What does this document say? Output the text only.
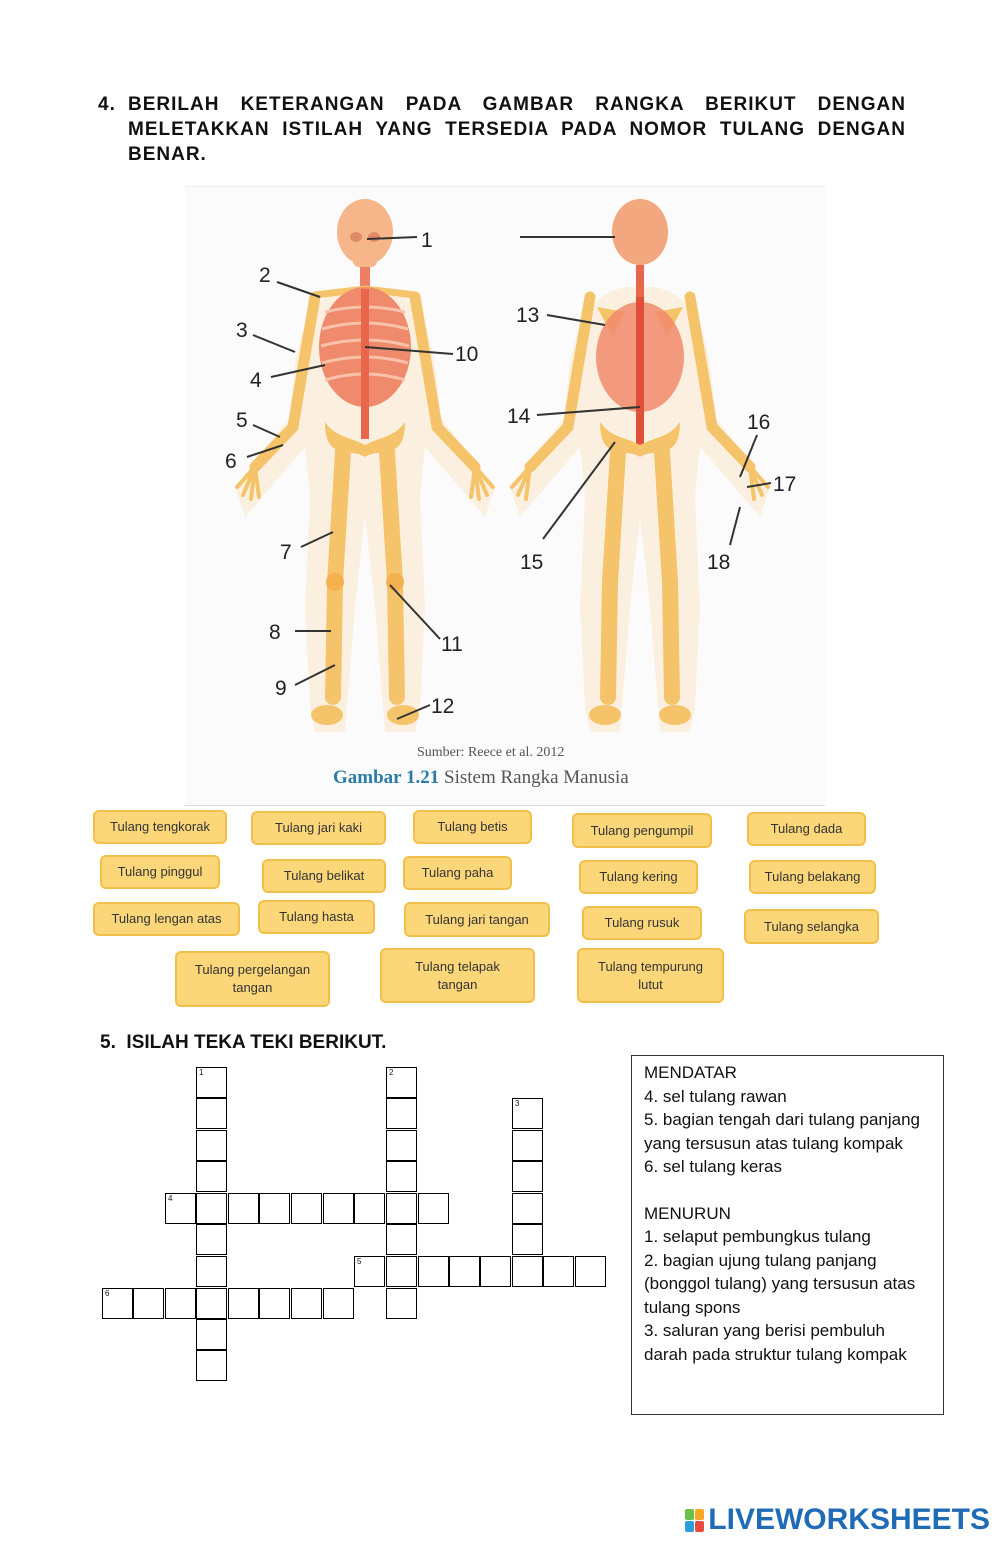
4. BERILAH KETERANGAN PADA GAMBAR RANGKA BERIKUT DENGAN MELETAKKAN ISTILAH YANG TERSEDIA PADA NOMOR TULANG DENGAN BENAR.
1
2
3
4
5
6
7
8
9
10
11
12
13
14
15
16
17
18
Sumber: Reece et al. 2012
Gambar 1.21 Sistem Rangka Manusia
Tulang tengkorak	Tulang jari kaki	Tulang betis	Tulang pengumpil	Tulang dada
Tulang pinggul	Tulang belikat	Tulang paha	Tulang kering	Tulang belakang
Tulang lengan atas	Tulang hasta	Tulang jari tangan	Tulang rusuk	Tulang selangka
Tulang pergelangan tangan
Tulang telapak tangan
Tulang tempurung lutut
5. ISILAH TEKA TEKI BERIKUT.
1	2
3
4
5
6
MENDATAR
4. sel tulang rawan
5. bagian tengah dari tulang panjang yang tersusun atas tulang kompak
6. sel tulang keras
MENURUN
1. selaput pembungkus tulang
2. bagian ujung tulang panjang (bonggol tulang) yang tersusun atas tulang spons
3. saluran yang berisi pembuluh darah pada struktur tulang kompak
LIVEWORKSHEETS
